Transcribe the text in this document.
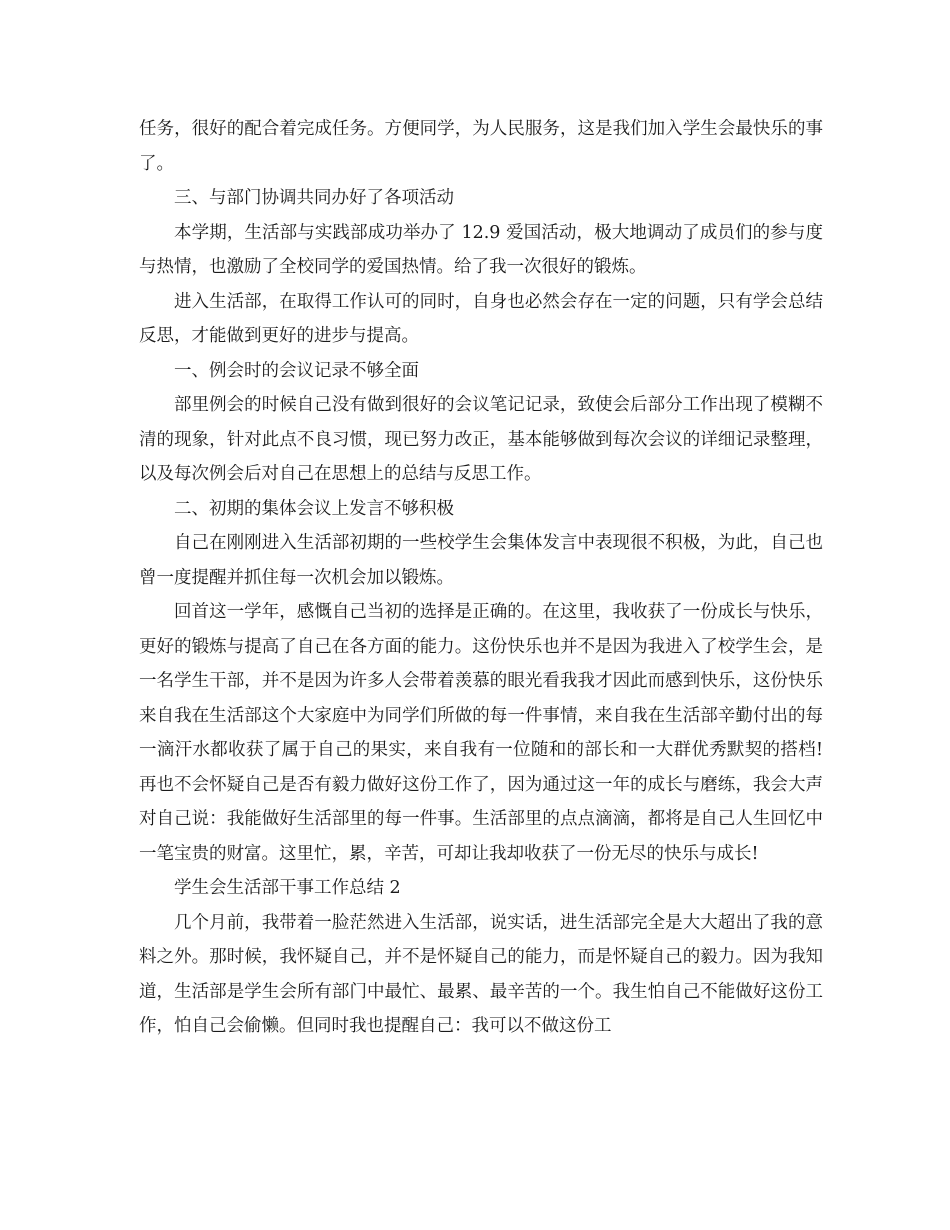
任务，很好的配合着完成任务。方便同学，为人民服务，这是我们加入学生会最快乐的事了。

三、与部门协调共同办好了各项活动

本学期，生活部与实践部成功举办了 12.9 爱国活动，极大地调动了成员们的参与度与热情，也激励了全校同学的爱国热情。给了我一次很好的锻炼。

进入生活部，在取得工作认可的同时，自身也必然会存在一定的问题，只有学会总结反思，才能做到更好的进步与提高。

一、例会时的会议记录不够全面

部里例会的时候自己没有做到很好的会议笔记记录，致使会后部分工作出现了模糊不清的现象，针对此点不良习惯，现已努力改正，基本能够做到每次会议的详细记录整理，以及每次例会后对自己在思想上的总结与反思工作。

二、初期的集体会议上发言不够积极

自己在刚刚进入生活部初期的一些校学生会集体发言中表现很不积极，为此，自己也曾一度提醒并抓住每一次机会加以锻炼。

回首这一学年，感慨自己当初的选择是正确的。在这里，我收获了一份成长与快乐，更好的锻炼与提高了自己在各方面的能力。这份快乐也并不是因为我进入了校学生会，是一名学生干部，并不是因为许多人会带着羡慕的眼光看我我才因此而感到快乐，这份快乐来自我在生活部这个大家庭中为同学们所做的每一件事情，来自我在生活部辛勤付出的每一滴汗水都收获了属于自己的果实，来自我有一位随和的部长和一大群优秀默契的搭档!再也不会怀疑自己是否有毅力做好这份工作了，因为通过这一年的成长与磨练，我会大声对自己说：我能做好生活部里的每一件事。生活部里的点点滴滴，都将是自己人生回忆中一笔宝贵的财富。这里忙，累，辛苦，可却让我却收获了一份无尽的快乐与成长!

学生会生活部干事工作总结 2

几个月前，我带着一脸茫然进入生活部，说实话，进生活部完全是大大超出了我的意料之外。那时候，我怀疑自己，并不是怀疑自己的能力，而是怀疑自己的毅力。因为我知道，生活部是学生会所有部门中最忙、最累、最辛苦的一个。我生怕自己不能做好这份工作，怕自己会偷懒。但同时我也提醒自己：我可以不做这份工
